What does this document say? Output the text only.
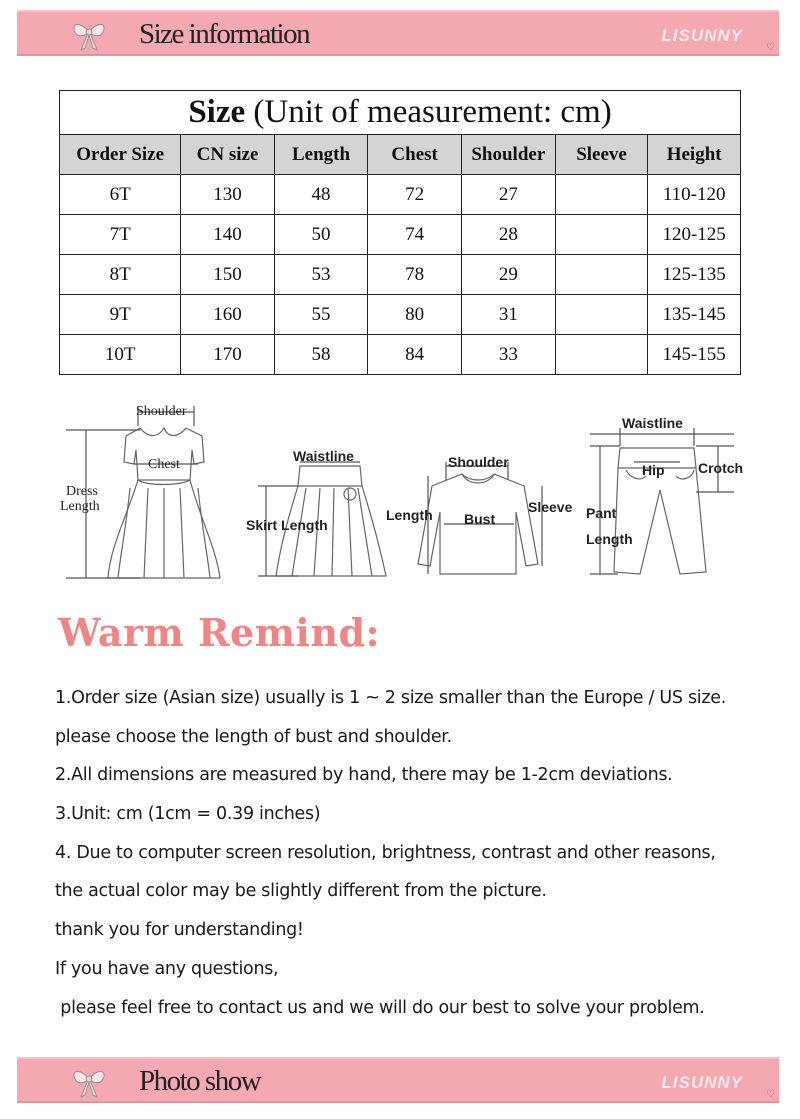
Size information	LISUNNY
♡
Size (Unit of measurement: cm)						
Order Size	CN size	Length	Chest	Shoulder	Sleeve	Height
6T	130	48	72	27		110-120
7T	140	50	74	28		120-125
8T	150	53	78	29		125-135
9T	160	55	80	31		135-145
10T	170	58	84	33		145-155
Shoulder
Chest
Dress
Length
Waistline
Skirt Length
Shoulder
Length Bust
Sleeve
Waistline
Hip Crotch
Pant
Length
Warm Remind:
1.Order size (Asian size) usually is 1 ~ 2 size smaller than the Europe / US size.
please choose the length of bust and shoulder.
2.All dimensions are measured by hand, there may be 1-2cm deviations.
3.Unit: cm (1cm = 0.39 inches)
4. Due to computer screen resolution, brightness, contrast and other reasons,
the actual color may be slightly different from the picture.
thank you for understanding!
If you have any questions,
please feel free to contact us and we will do our best to solve your problem.
Photo show	LISUNNY
♡
